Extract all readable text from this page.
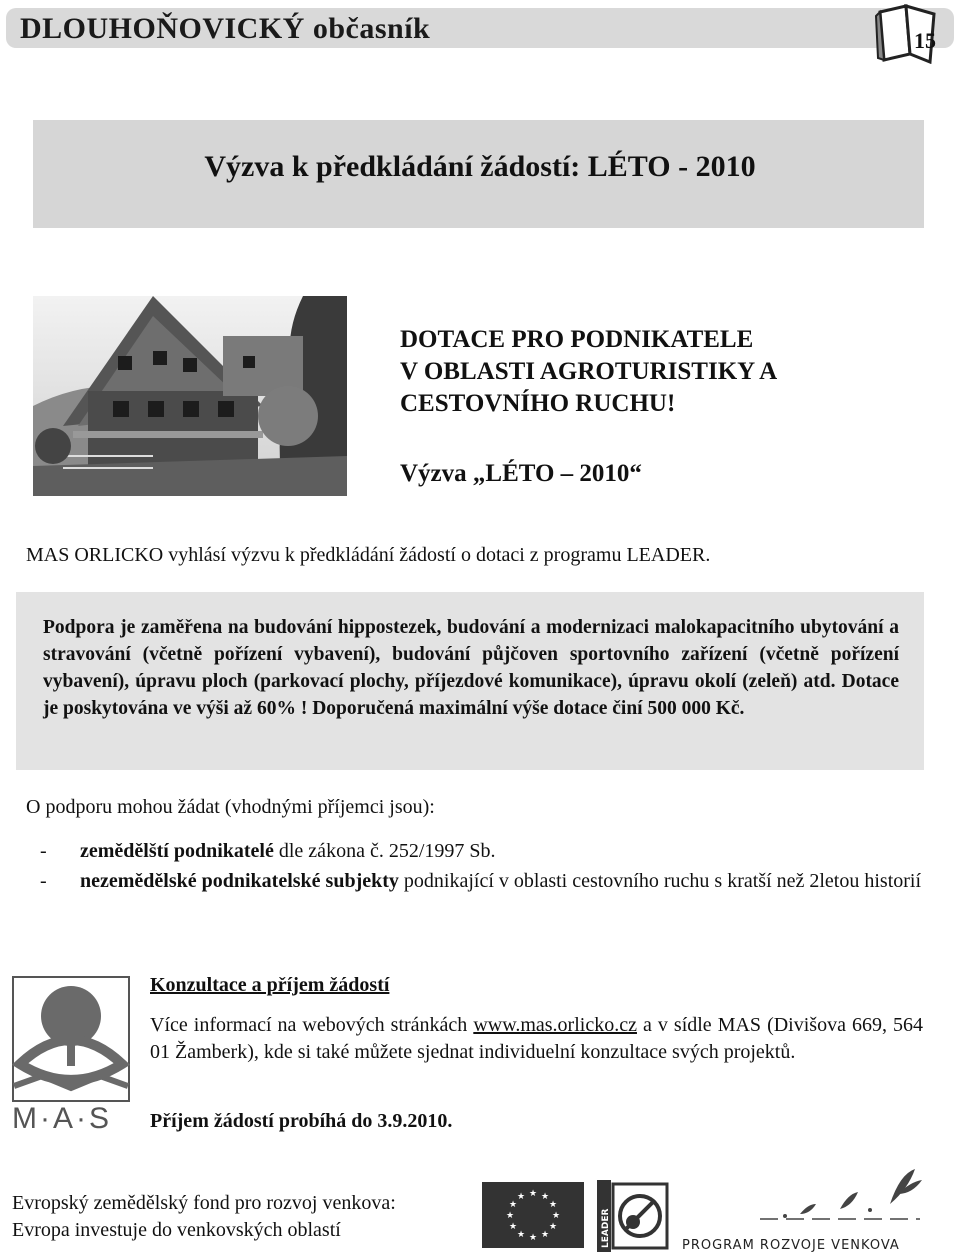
DLOUHOŇOVICKÝ občasník	15
Výzva k předkládání žádostí: LÉTO - 2010
DOTACE PRO PODNIKATELE
V OBLASTI AGROTURISTIKY A
CESTOVNÍHO RUCHU!
Výzva „LÉTO – 2010“
MAS ORLICKO vyhlásí výzvu k předkládání žádostí o dotaci z programu LEADER.
Podpora je zaměřena na budování hippostezek, budování a modernizaci malokapacitního ubytování a stravování (včetně pořízení vybavení), budování půjčoven sportovního zařízení (včetně pořízení vybavení), úpravu ploch (parkovací plochy, příjezdové komunikace), úpravu okolí (zeleň) atd. Dotace je poskytována ve výši až 60% ! Doporučená maximální výše dotace činí 500 000 Kč.
O podporu mohou žádat (vhodnými příjemci jsou):
- zemědělští podnikatelé dle zákona č. 252/1997 Sb.
- nezemědělské podnikatelské subjekty podnikající v oblasti cestovního ruchu s kratší než 2letou historií
M·A·S
Konzultace a příjem žádostí
Více informací na webových stránkách www.mas.orlicko.cz a v sídle MAS (Divišova 669, 564 01 Žamberk), kde si také můžete sjednat individuelní konzultace svých projektů.
Příjem žádostí probíhá do 3.9.2010.
Evropský zemědělský fond pro rozvoj venkova:
Evropa investuje do venkovských oblastí
★ ★
★
★
★
★
★
★
★
★
★
★
LEADER	PROGRAM ROZVOJE VENKOVA
